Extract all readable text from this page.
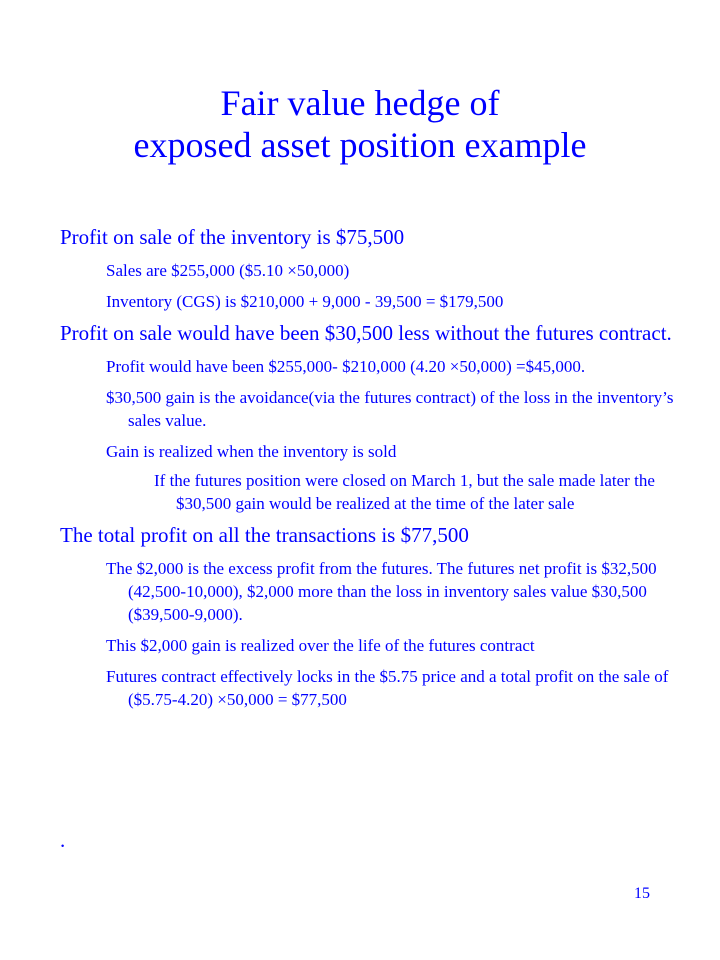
Fair value hedge of
exposed asset position example
Profit on sale of the inventory is $75,500
Sales are $255,000 ($5.10 ×50,000)
Inventory (CGS) is $210,000 + 9,000 - 39,500 = $179,500
Profit on sale would have been $30,500 less without the futures contract.
Profit would have been $255,000- $210,000 (4.20 ×50,000) =$45,000.
$30,500 gain is the avoidance(via the futures contract) of the loss in the inventory’s sales value.
Gain is realized when the inventory is sold
If the futures position were closed on March 1, but the sale made later the $30,500 gain would be realized at the time of the later sale
The total profit on all the transactions is $77,500
The $2,000 is the excess profit from the futures. The futures net profit is $32,500 (42,500-10,000), $2,000 more than the loss in inventory sales value $30,500 ($39,500-9,000).
This $2,000 gain is realized over the life of the futures contract
Futures contract effectively locks in the $5.75 price and a total profit on the sale of ($5.75-4.20) ×50,000 = $77,500
.
15
